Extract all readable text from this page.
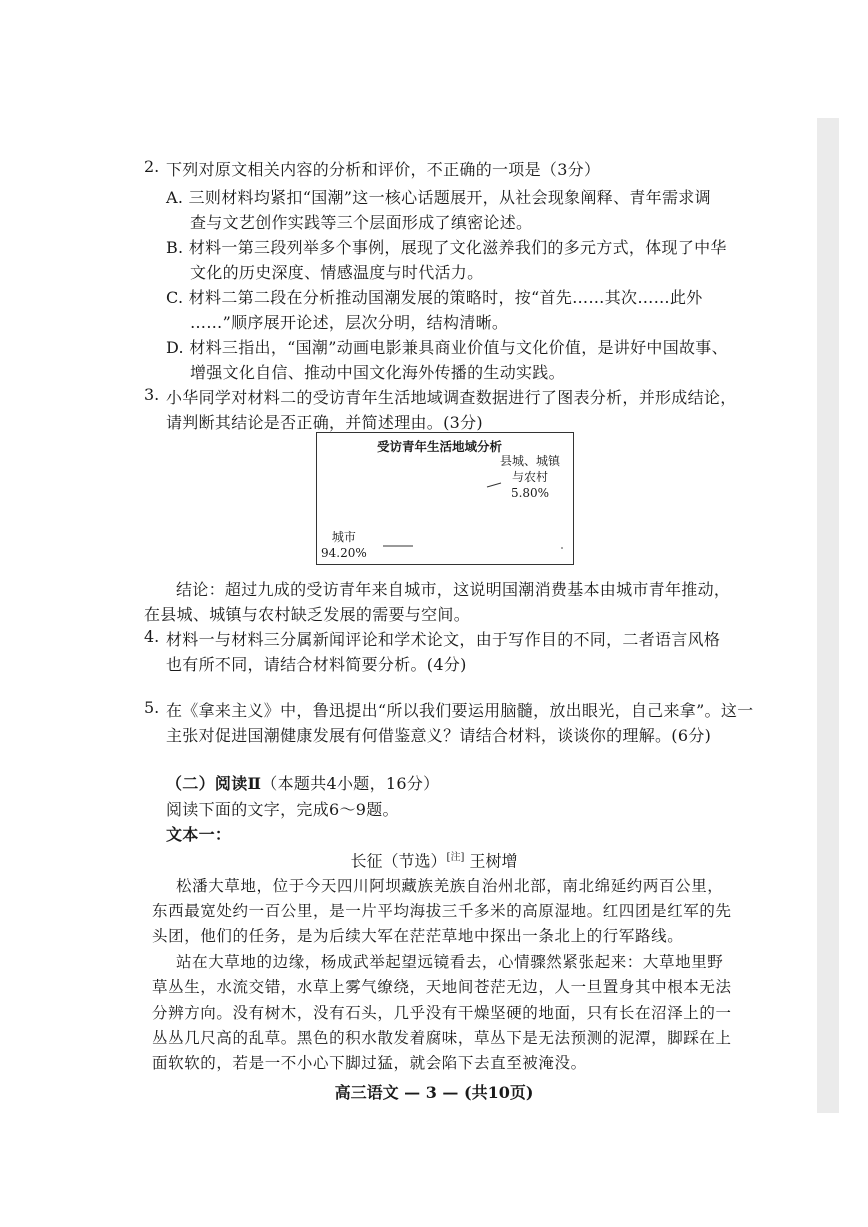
2. 下列对原文相关内容的分析和评价，不正确的一项是（3分）
A. 三则材料均紧扣“国潮”这一核心话题展开，从社会现象阐释、青年需求调
查与文艺创作实践等三个层面形成了缜密论述。
B. 材料一第三段列举多个事例，展现了文化滋养我们的多元方式，体现了中华
文化的历史深度、情感温度与时代活力。
C. 材料二第二段在分析推动国潮发展的策略时，按“首先……其次……此外
……”顺序展开论述，层次分明，结构清晰。
D. 材料三指出，“国潮”动画电影兼具商业价值与文化价值，是讲好中国故事、
增强文化自信、推动中国文化海外传播的生动实践。
3. 小华同学对材料二的受访青年生活地域调查数据进行了图表分析，并形成结论，
请判断其结论是否正确，并简述理由。(3分)
受访青年生活地域分析
县城、城镇
与农村
5.80%
城市
94.20%
结论：超过九成的受访青年来自城市，这说明国潮消费基本由城市青年推动，
在县城、城镇与农村缺乏发展的需要与空间。
4. 材料一与材料三分属新闻评论和学术论文，由于写作目的不同，二者语言风格
也有所不同，请结合材料简要分析。(4分)
5. 在《拿来主义》中，鲁迅提出“所以我们要运用脑髓，放出眼光，自己来拿”。这一
主张对促进国潮健康发展有何借鉴意义？请结合材料，谈谈你的理解。(6分)
（二）阅读Ⅱ（本题共4小题，16分）
阅读下面的文字，完成6～9题。
文本一：
长征（节选）[注] 王树增
松潘大草地，位于今天四川阿坝藏族羌族自治州北部，南北绵延约两百公里，
东西最宽处约一百公里，是一片平均海拔三千多米的高原湿地。红四团是红军的先
头团，他们的任务，是为后续大军在茫茫草地中探出一条北上的行军路线。
站在大草地的边缘，杨成武举起望远镜看去，心情骤然紧张起来：大草地里野
草丛生，水流交错，水草上雾气缭绕，天地间苍茫无边，人一旦置身其中根本无法
分辨方向。没有树木，没有石头，几乎没有干燥坚硬的地面，只有长在沼泽上的一
丛丛几尺高的乱草。黑色的积水散发着腐味，草丛下是无法预测的泥潭，脚踩在上
面软软的，若是一不小心下脚过猛，就会陷下去直至被淹没。
高三语文 — 3 — (共10页)
